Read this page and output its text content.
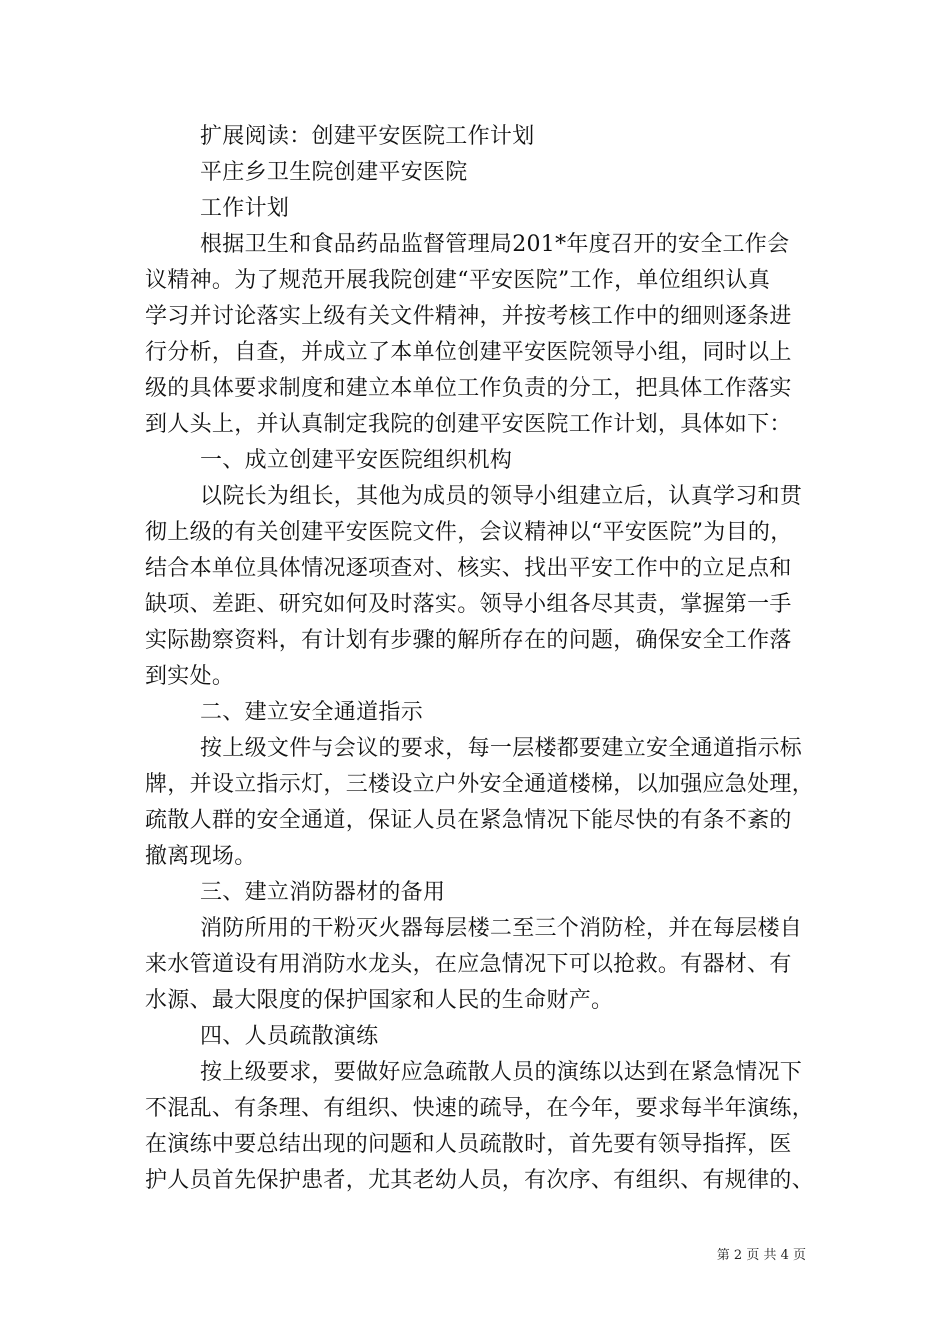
扩展阅读：创建平安医院工作计划
平庄乡卫生院创建平安医院
工作计划
根据卫生和食品药品监督管理局201*年度召开的安全工作会
议精神。为了规范开展我院创建“平安医院”工作，单位组织认真
学习并讨论落实上级有关文件精神，并按考核工作中的细则逐条进
行分析，自查，并成立了本单位创建平安医院领导小组，同时以上
级的具体要求制度和建立本单位工作负责的分工，把具体工作落实
到人头上，并认真制定我院的创建平安医院工作计划，具体如下：
一、成立创建平安医院组织机构
以院长为组长，其他为成员的领导小组建立后，认真学习和贯
彻上级的有关创建平安医院文件，会议精神以“平安医院”为目的，
结合本单位具体情况逐项查对、核实、找出平安工作中的立足点和
缺项、差距、研究如何及时落实。领导小组各尽其责，掌握第一手
实际勘察资料，有计划有步骤的解所存在的问题，确保安全工作落
到实处。
二、建立安全通道指示
按上级文件与会议的要求，每一层楼都要建立安全通道指示标
牌，并设立指示灯，三楼设立户外安全通道楼梯，以加强应急处理，
疏散人群的安全通道，保证人员在紧急情况下能尽快的有条不紊的
撤离现场。
三、建立消防器材的备用
消防所用的干粉灭火器每层楼二至三个消防栓，并在每层楼自
来水管道设有用消防水龙头，在应急情况下可以抢救。有器材、有
水源、最大限度的保护国家和人民的生命财产。
四、人员疏散演练
按上级要求，要做好应急疏散人员的演练以达到在紧急情况下
不混乱、有条理、有组织、快速的疏导，在今年，要求每半年演练，
在演练中要总结出现的问题和人员疏散时，首先要有领导指挥，医
护人员首先保护患者，尤其老幼人员，有次序、有组织、有规律的、
第 2 页 共 4 页
